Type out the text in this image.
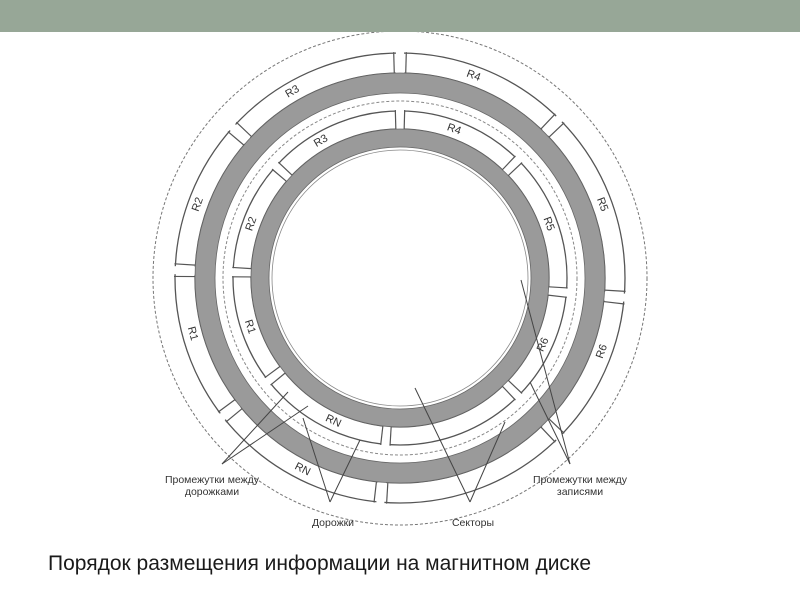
R1
R2
R3
R4
R5
R6
RN
R1
R2
R3
R4
R5
R6
RN
Промежутки между
дорожками
Дорожки	Секторы
Промежутки между
записями
Порядок размещения информации на магнитном диске
